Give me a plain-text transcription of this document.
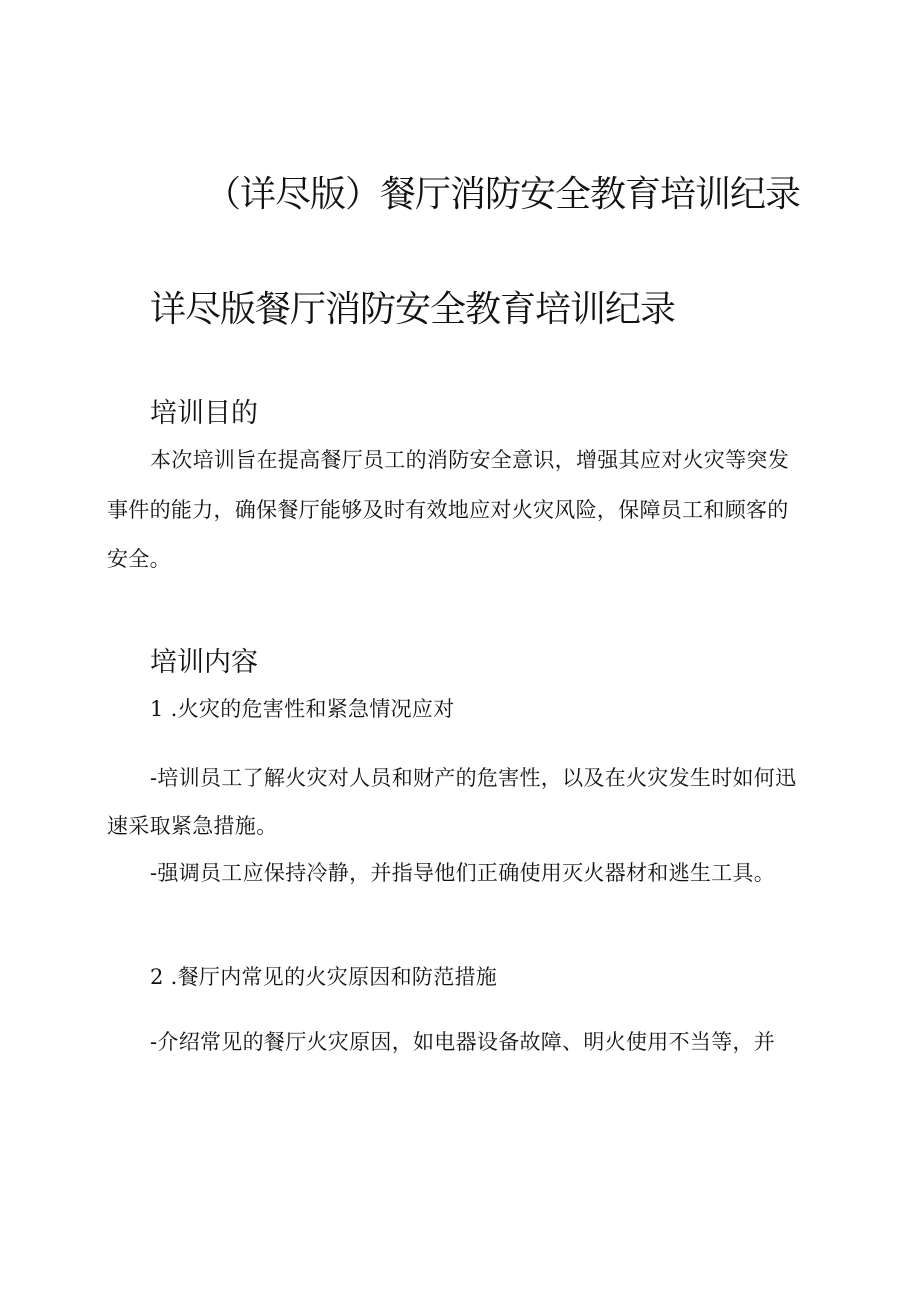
（详尽版）餐厅消防安全教育培训纪录
详尽版餐厅消防安全教育培训纪录
培训目的
本次培训旨在提高餐厅员工的消防安全意识，增强其应对火灾等突发
事件的能力，确保餐厅能够及时有效地应对火灾风险，保障员工和顾客的
安全。
培训内容
1 .火灾的危害性和紧急情况应对
-培训员工了解火灾对人员和财产的危害性，以及在火灾发生时如何迅
速采取紧急措施。
-强调员工应保持冷静，并指导他们正确使用灭火器材和逃生工具。
2 .餐厅内常见的火灾原因和防范措施
-介绍常见的餐厅火灾原因，如电器设备故障、明火使用不当等，并
